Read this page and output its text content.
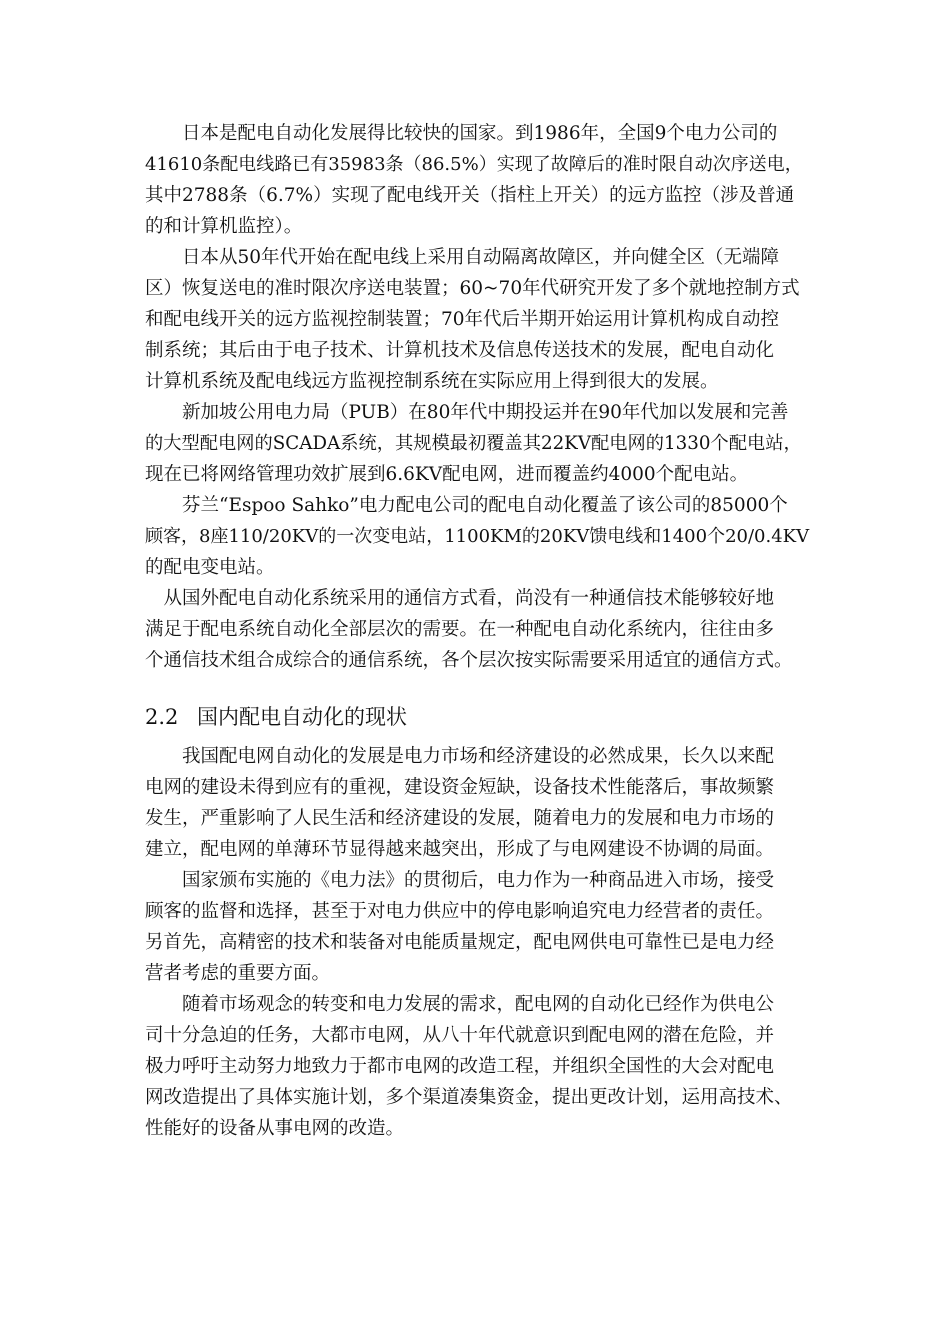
　　日本是配电自动化发展得比较快的国家。到1986年，全国9个电力公司的
41610条配电线路已有35983条（86.5%）实现了故障后的准时限自动次序送电，
其中2788条（6.7%）实现了配电线开关（指柱上开关）的远方监控（涉及普通
的和计算机监控）。
　　日本从50年代开始在配电线上采用自动隔离故障区，并向健全区（无端障
区）恢复送电的准时限次序送电装置；60~70年代研究开发了多个就地控制方式
和配电线开关的远方监视控制装置；70年代后半期开始运用计算机构成自动控
制系统；其后由于电子技术、计算机技术及信息传送技术的发展，配电自动化
计算机系统及配电线远方监视控制系统在实际应用上得到很大的发展。
　　新加坡公用电力局（PUB）在80年代中期投运并在90年代加以发展和完善
的大型配电网的SCADA系统，其规模最初覆盖其22KV配电网的1330个配电站，
现在已将网络管理功效扩展到6.6KV配电网，进而覆盖约4000个配电站。
　　芬兰“Espoo Sahko”电力配电公司的配电自动化覆盖了该公司的85000个
顾客，8座110/20KV的一次变电站，1100KM的20KV馈电线和1400个20/0.4KV
的配电变电站。
　从国外配电自动化系统采用的通信方式看，尚没有一种通信技术能够较好地
满足于配电系统自动化全部层次的需要。在一种配电自动化系统内，往往由多
个通信技术组合成综合的通信系统，各个层次按实际需要采用适宜的通信方式。
2.2 国内配电自动化的现状
　　我国配电网自动化的发展是电力市场和经济建设的必然成果，长久以来配
电网的建设未得到应有的重视，建设资金短缺，设备技术性能落后，事故频繁
发生，严重影响了人民生活和经济建设的发展，随着电力的发展和电力市场的
建立，配电网的单薄环节显得越来越突出，形成了与电网建设不协调的局面。
　　国家颁布实施的《电力法》的贯彻后，电力作为一种商品进入市场，接受
顾客的监督和选择，甚至于对电力供应中的停电影响追究电力经营者的责任。
另首先，高精密的技术和装备对电能质量规定，配电网供电可靠性已是电力经
营者考虑的重要方面。
　　随着市场观念的转变和电力发展的需求，配电网的自动化已经作为供电公
司十分急迫的任务，大都市电网，从八十年代就意识到配电网的潜在危险，并
极力呼吁主动努力地致力于都市电网的改造工程，并组织全国性的大会对配电
网改造提出了具体实施计划，多个渠道凑集资金，提出更改计划，运用高技术、
性能好的设备从事电网的改造。
